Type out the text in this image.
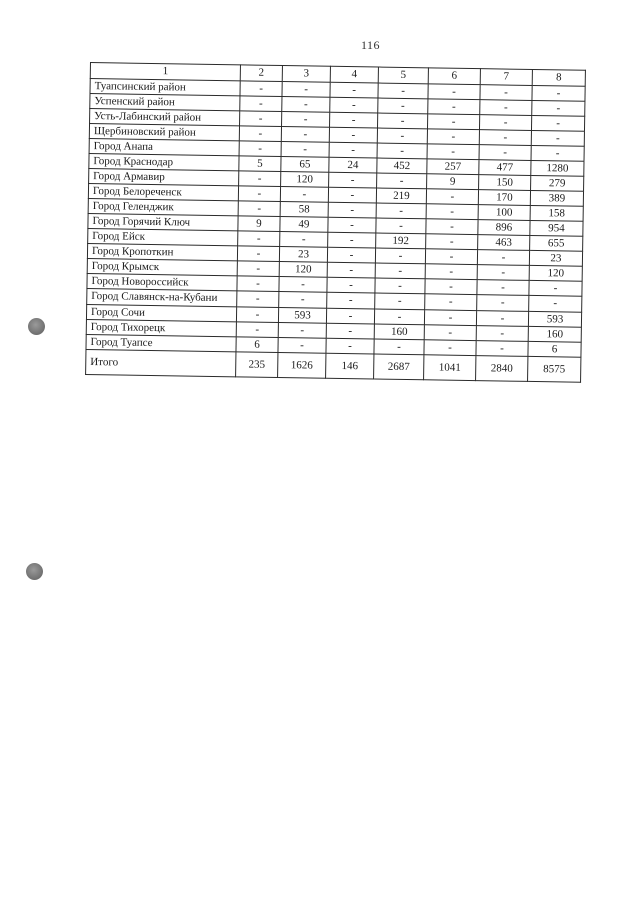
116
1	2	3	4	5	6	7	8
Туапсинский район	-	-	-	-	-	-	-
Успенский район	-	-	-	-	-	-	-
Усть-Лабинский район	-	-	-	-	-	-	-
Щербиновский район	-	-	-	-	-	-	-
Город Анапа	-	-	-	-	-	-	-
Город Краснодар	5	65	24	452	257	477	1280
Город Армавир	-	120	-	-	9	150	279
Город Белореченск	-	-	-	219	-	170	389
Город Геленджик	-	58	-	-	-	100	158
Город Горячий Ключ	9	49	-	-	-	896	954
Город Ейск	-	-	-	192	-	463	655
Город Кропоткин	-	23	-	-	-	-	23
Город Крымск	-	120	-	-	-	-	120
Город Новороссийск	-	-	-	-	-	-	-
Город Славянск-на-Кубани	-	-	-	-	-	-	-
Город Сочи	-	593	-	-	-	-	593
Город Тихорецк	-	-	-	160	-	-	160
Город Туапсе	6	-	-	-	-	-	6
Итого	235	1626	146	2687	1041	2840	8575
